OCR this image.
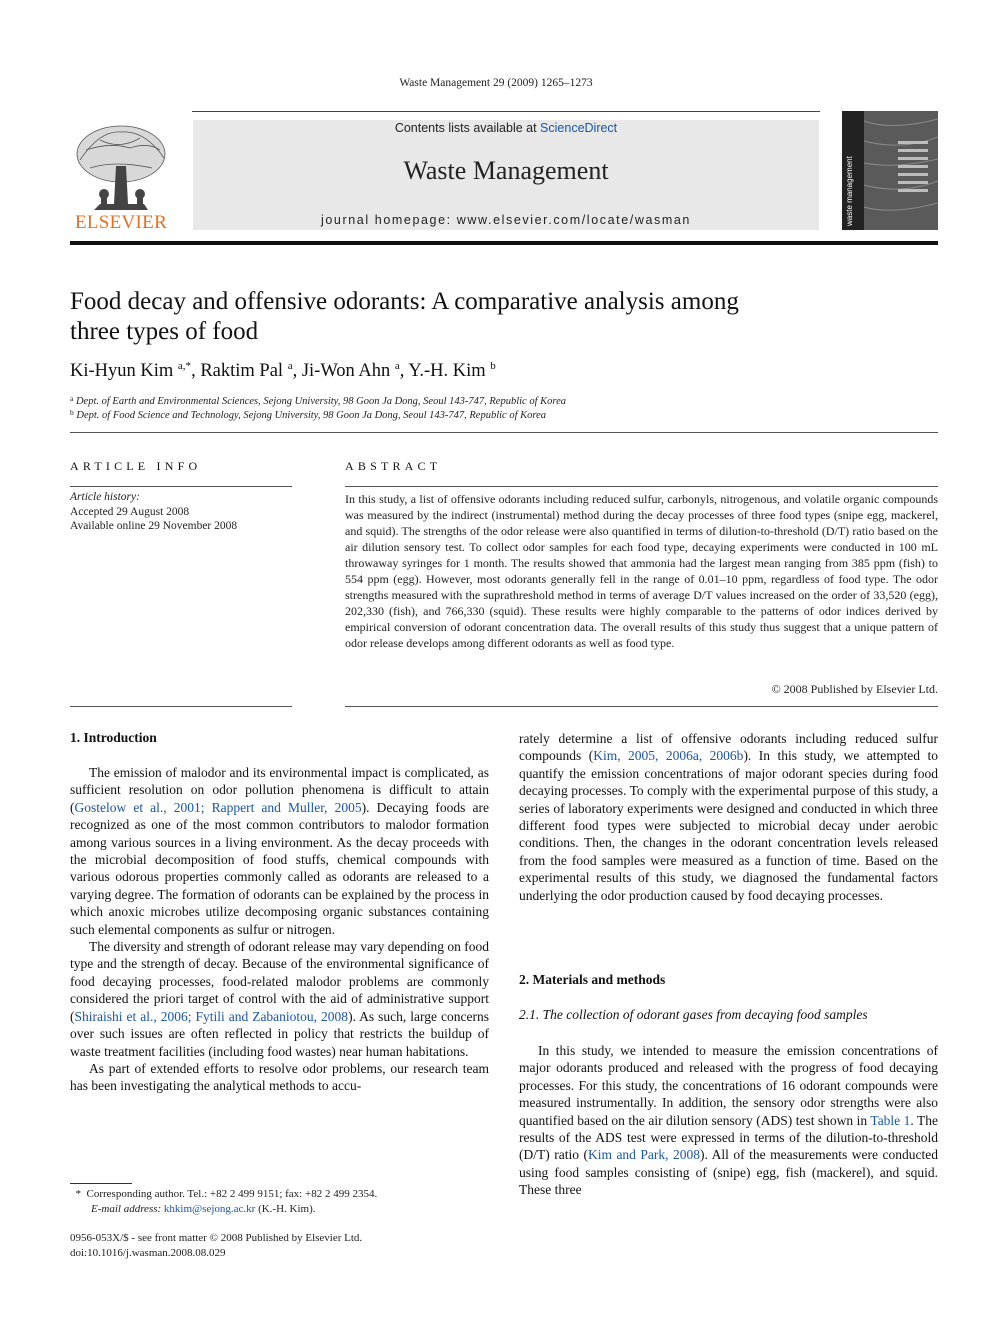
Waste Management 29 (2009) 1265–1273
ELSEVIER
Contents lists available at ScienceDirect
Waste Management
journal homepage: www.elsevier.com/locate/wasman	waste management
Food decay and offensive odorants: A comparative analysis among
three types of food
Ki-Hyun Kim $^{a,*}$, Raktim Pal $^a$, Ji-Won Ahn $^a$, Y.-H. Kim $^b$
$^a$ Dept. of Earth and Environmental Sciences, Sejong University, 98 Goon Ja Dong, Seoul 143-747, Republic of Korea
$^b$ Dept. of Food Science and Technology, Sejong University, 98 Goon Ja Dong, Seoul 143-747, Republic of Korea
ARTICLE INFO
Article history:
Accepted 29 August 2008
Available online 29 November 2008
ABSTRACT
In this study, a list of offensive odorants including reduced sulfur, carbonyls, nitrogenous, and volatile organic compounds was measured by the indirect (instrumental) method during the decay processes of three food types (snipe egg, mackerel, and squid). The strengths of the odor release were also quantified in terms of dilution-to-threshold (D/T) ratio based on the air dilution sensory test. To collect odor samples for each food type, decaying experiments were conducted in 100 mL throwaway syringes for 1 month. The results showed that ammonia had the largest mean ranging from 385 ppm (fish) to 554 ppm (egg). However, most odorants generally fell in the range of 0.01–10 ppm, regardless of food type. The odor strengths measured with the suprathreshold method in terms of average D/T values increased on the order of 33,520 (egg), 202,330 (fish), and 766,330 (squid). These results were highly comparable to the patterns of odor indices derived by empirical conversion of odorant concentration data. The overall results of this study thus suggest that a unique pattern of odor release develops among different odorants as well as food type.
© 2008 Published by Elsevier Ltd.
1. Introduction

The emission of malodor and its environmental impact is complicated, as sufficient resolution on odor pollution phenomena is difficult to attain (Gostelow et al., 2001; Rappert and Muller, 2005). Decaying foods are recognized as one of the most common contributors to malodor formation among various sources in a living environment. As the decay proceeds with the microbial decomposition of food stuffs, chemical compounds with various odorous properties commonly called as odorants are released to a varying degree. The formation of odorants can be explained by the process in which anoxic microbes utilize decomposing organic substances containing such elemental components as sulfur or nitrogen.

The diversity and strength of odorant release may vary depending on food type and the strength of decay. Because of the environmental significance of food decaying processes, food-related malodor problems are commonly considered the priori target of control with the aid of administrative support (Shiraishi et al., 2006; Fytili and Zabaniotou, 2008). As such, large concerns over such issues are often reflected in policy that restricts the buildup of waste treatment facilities (including food wastes) near human habitations.

As part of extended efforts to resolve odor problems, our research team has been investigating the analytical methods to accu-

rately determine a list of offensive odorants including reduced sulfur compounds (Kim, 2005, 2006a, 2006b). In this study, we attempted to quantify the emission concentrations of major odorant species during food decaying processes. To comply with the experimental purpose of this study, a series of laboratory experiments were designed and conducted in which three different food types were subjected to microbial decay under aerobic conditions. Then, the changes in the odorant concentration levels released from the food samples were measured as a function of time. Based on the experimental results of this study, we diagnosed the fundamental factors underlying the odor production caused by food decaying processes.

2. Materials and methods
2.1. The collection of odorant gases from decaying food samples

In this study, we intended to measure the emission concentrations of major odorants produced and released with the progress of food decaying processes. For this study, the concentrations of 16 odorant compounds were measured instrumentally. In addition, the sensory odor strengths were also quantified based on the air dilution sensory (ADS) test shown in Table 1. The results of the ADS test were expressed in terms of the dilution-to-threshold (D/T) ratio (Kim and Park, 2008). All of the measurements were conducted using food samples consisting of (snipe) egg, fish (mackerel), and squid. These three

* Corresponding author. Tel.: +82 2 499 9151; fax: +82 2 499 2354.
E-mail address: khkim@sejong.ac.kr (K.-H. Kim).
0956-053X/$ - see front matter © 2008 Published by Elsevier Ltd.
doi:10.1016/j.wasman.2008.08.029
